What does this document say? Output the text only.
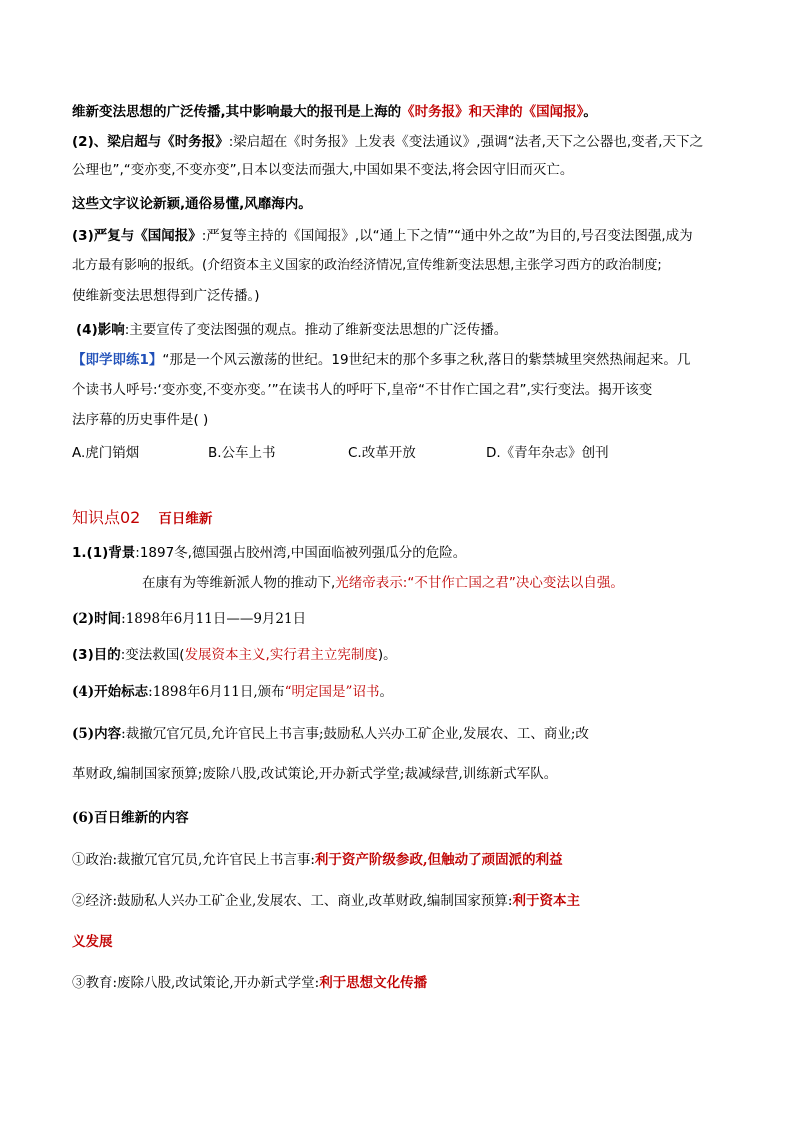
维新变法思想的广泛传播,其中影响最大的报刊是上海的《时务报》和天津的《国闻报》。
(2)、梁启超与《时务报》:梁启超在《时务报》上发表《变法通议》,强调“法者,天下之公器也,变者,天下之
公理也”,“变亦变,不变亦变”,日本以变法而强大,中国如果不变法,将会因守旧而灭亡。
这些文字议论新颖,通俗易懂,风靡海内。
(3)严复与《国闻报》:严复等主持的《国闻报》,以“通上下之情”“通中外之故”为目的,号召变法图强,成为
北方最有影响的报纸。(介绍资本主义国家的政治经济情况,宣传维新变法思想,主张学习西方的政治制度;
使维新变法思想得到广泛传播。)
(4)影响:主要宣传了变法图强的观点。推动了维新变法思想的广泛传播。
【即学即练1】“那是一个风云激荡的世纪。19世纪末的那个多事之秋,落日的紫禁城里突然热闹起来。几
个读书人呼号:‘变亦变,不变亦变。’”在读书人的呼吁下,皇帝“不甘作亡国之君”,实行变法。揭开该变
法序幕的历史事件是( )
A.虎门销烟	B.公车上书	C.改革开放	D.《青年杂志》创刊
知识点02 百日维新
1.(1)背景:1897冬,德国强占胶州湾,中国面临被列强瓜分的危险。
在康有为等维新派人物的推动下,光绪帝表示:“不甘作亡国之君”决心变法以自强。
(2)时间:1898年6月11日——9月21日
(3)目的:变法救国(发展资本主义,实行君主立宪制度)。
(4)开始标志:1898年6月11日,颁布“明定国是”诏书。
(5)内容:裁撤冗官冗员,允许官民上书言事;鼓励私人兴办工矿企业,发展农、工、商业;改
革财政,编制国家预算;废除八股,改试策论,开办新式学堂;裁减绿营,训练新式军队。
(6)百日维新的内容
①政治:裁撤冗官冗员,允许官民上书言事:利于资产阶级参政,但触动了顽固派的利益
②经济:鼓励私人兴办工矿企业,发展农、工、商业,改革财政,编制国家预算:利于资本主
义发展
③教育:废除八股,改试策论,开办新式学堂:利于思想文化传播
